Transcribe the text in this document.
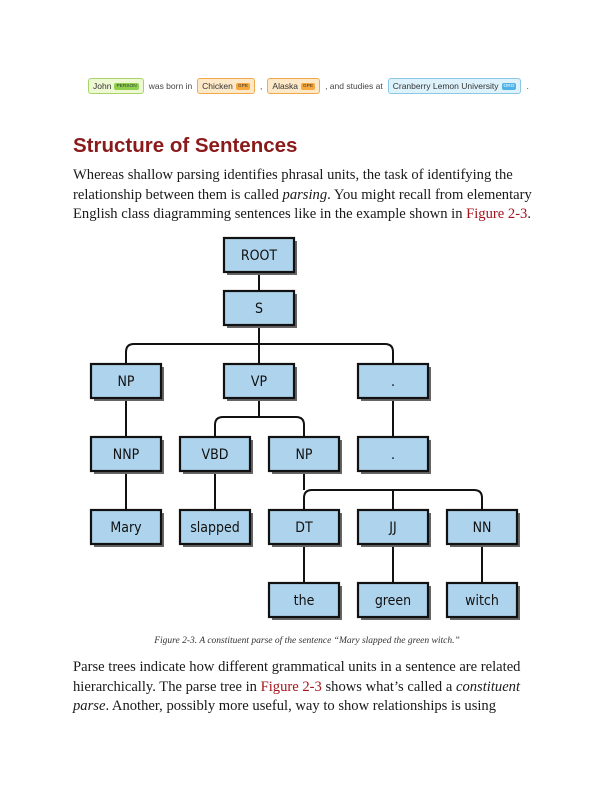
John	PERSON was born in Chicken	GPE , Alaska	GPE , and studies at Cranberry Lemon University	ORG .
Structure of Sentences

Whereas shallow parsing identifies phrasal units, the task of identifying the relationship between them is called parsing. You might recall from elementary English class diagramming sentences like in the example shown in Figure 2-3.

ROOT
S
NP	VP	.
NNP	VBD	NP	.
Mary	slapped	DT	JJ	NN
the	green	witch
Figure 2-3. A constituent parse of the sentence “Mary slapped the green witch.”

Parse trees indicate how different grammatical units in a sentence are related hierarchically. The parse tree in Figure 2-3 shows what’s called a constituent parse. Another, possibly more useful, way to show relationships is using
